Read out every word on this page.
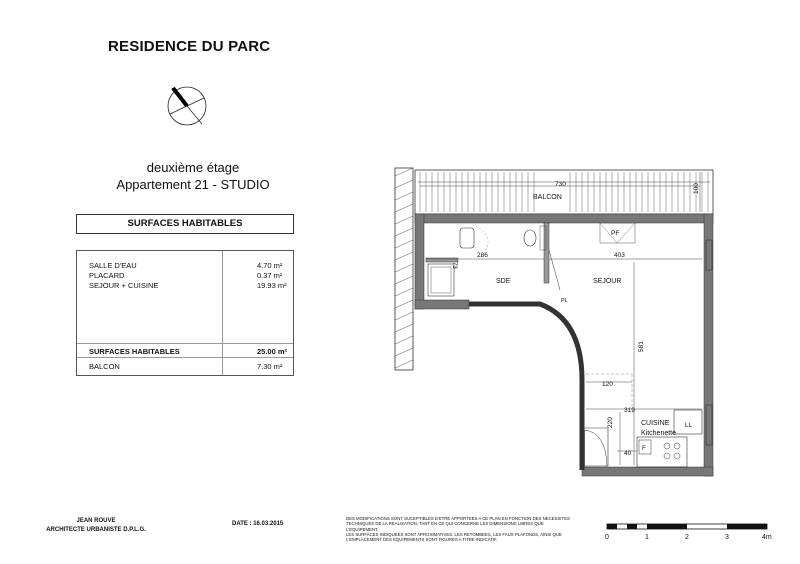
RESIDENCE DU PARC
BALCON
730	100
286	403
73
SDE	SEJOUR
PF
PL
581
120
319
220
40
CUISINE
Kitchenette
LL
F
deuxième étage
Appartement 21 - STUDIO
SURFACES HABITABLES
SALLE D'EAU	4.70 m²
PLACARD	0.37 m²
SEJOUR + CUISINE	19.93 m²
SURFACES HABITABLES	25.00 m²
BALCON	7.30 m²
JEAN ROUVE
ARCHITECTE URBANISTE D.P.L.G.
DATE : 16.03.2015
DES MODIFICATIONS SONT SUCEPTIBLES D'ETRE APPORTEES A CE PLAN EN FONCTION DES NECESSITES
TECHNIQUES DE LA REALISATION, TANT EN CE QUI CONCERNE LES DIMENSIONS LIBRES QUE
L'EQUIPEMENT.
LES SURFACES INDIQUEES SONT APROXIMATIVES, LES RETOMBEES, LES FAUX PLAFONDS, AINSI QUE
L'EMPLACEMENT DES EQUIPEMENTS SONT FIGURES A TITRE INDICATIF.	0	1	2	3	4m
